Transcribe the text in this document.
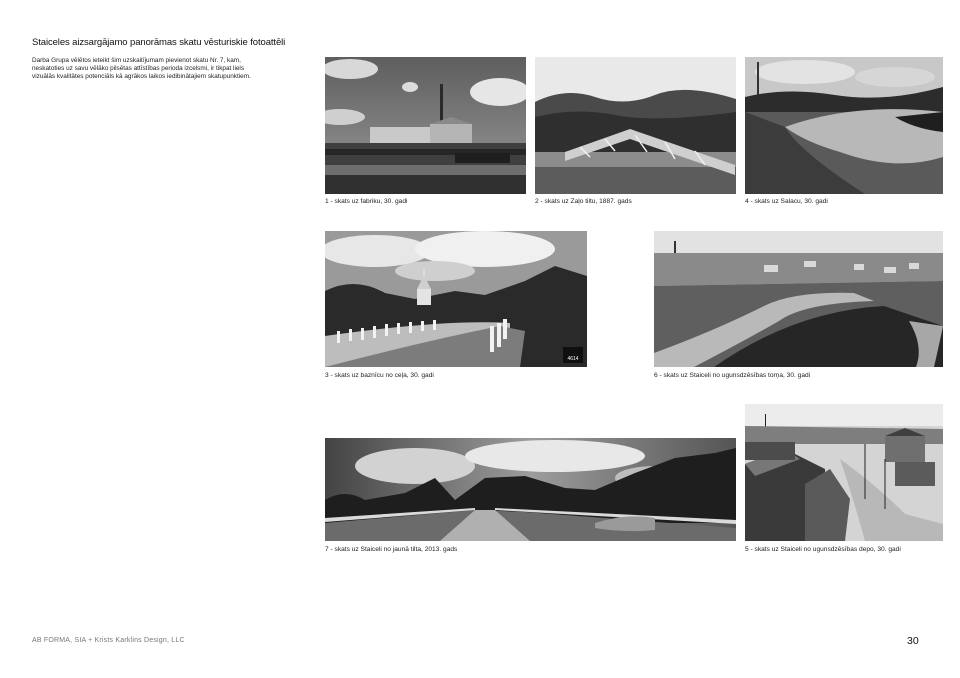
Staiceles aizsargājamo panorāmas skatu vēsturiskie fotoattēli
Darba Grupa vēlētos ieteikt šim uzskaitījumam pievienot skatu Nr. 7, kam, neskatoties uz savu vēlāko pilsētas attīstības perioda izcelsmi, ir tikpat liels vizuālās kvalitātes potenciāls kā agrākos laikos iedibinātajiem skatupunktiem.
1 - skats uz fabriku, 30. gadi	2 - skats uz Zaļo tiltu, 1887. gads	4 - skats uz Salacu, 30. gadi
4614
3 - skats uz baznīcu no ceļa, 30. gadi	6 - skats uz Staiceli no ugunsdzēsības torņa, 30. gadi
7 - skats uz Staiceli no jaunā tilta, 2013. gads	5 - skats uz Staiceli no ugunsdzēsības depo, 30. gadi
AB FORMA, SIA + Krists Karklins Design, LLC	30
